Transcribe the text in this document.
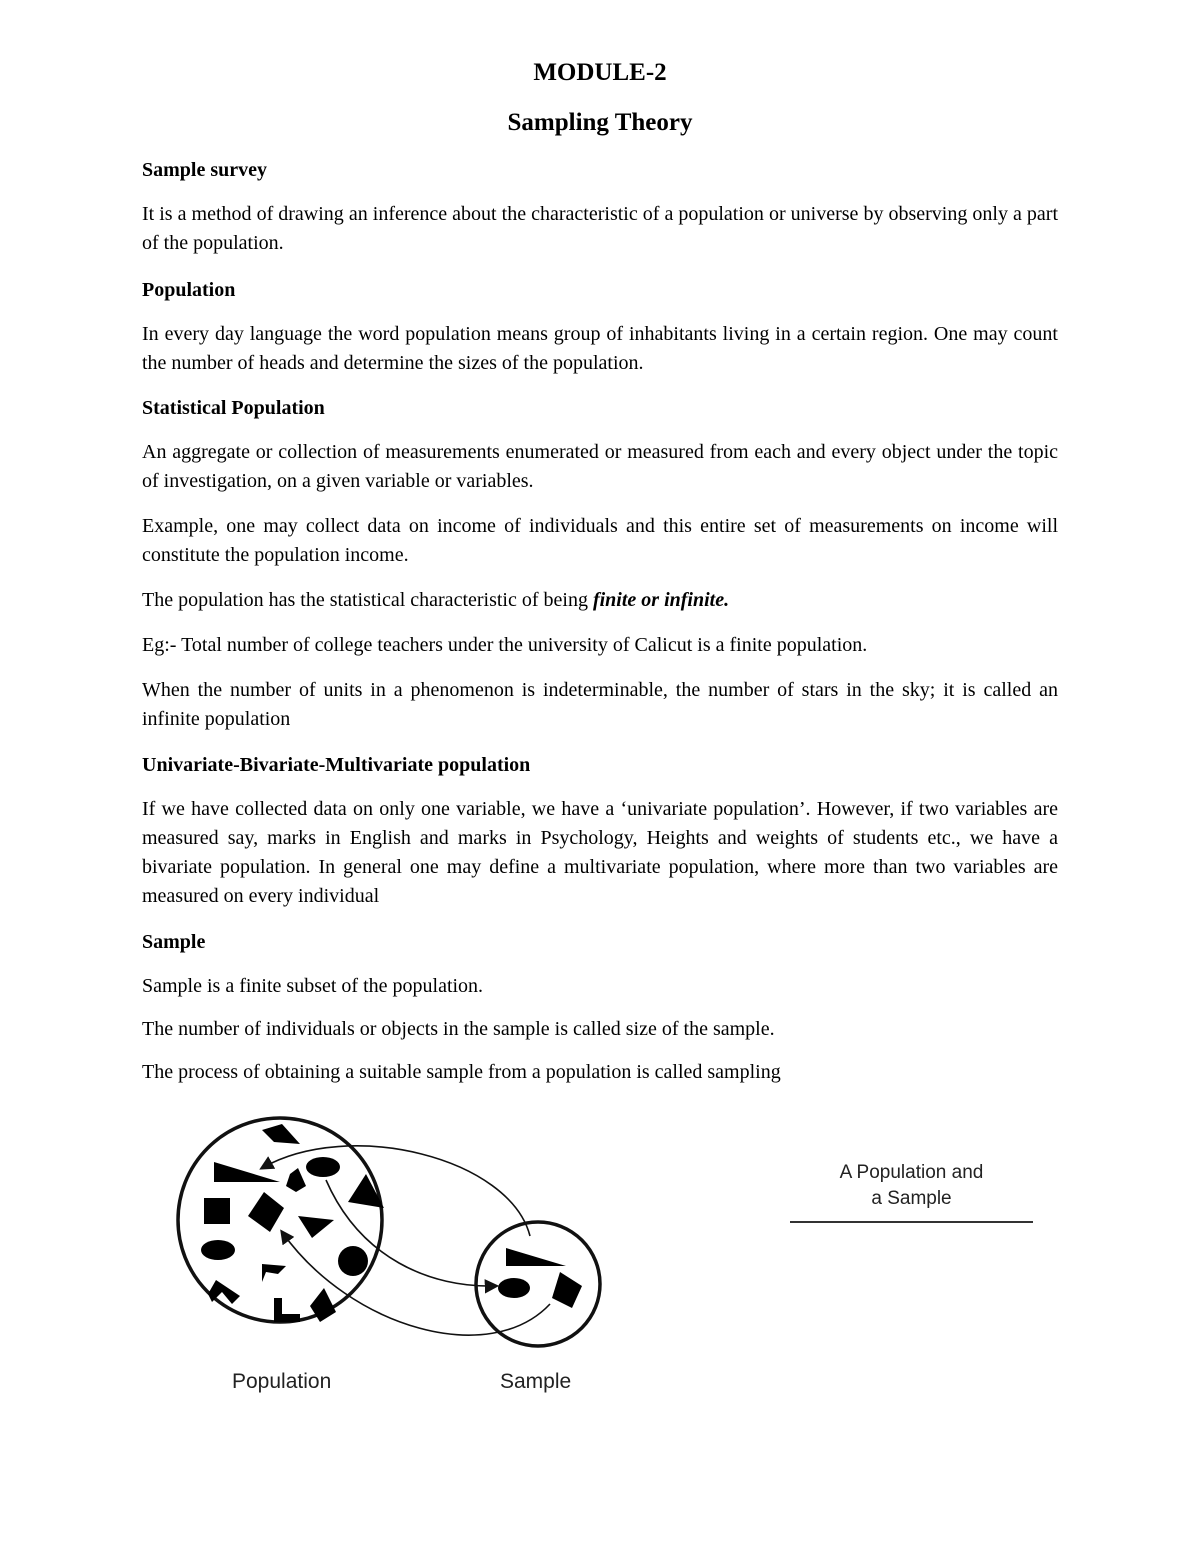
MODULE-2
Sampling Theory
Sample survey

It is a method of drawing an inference about the characteristic of a population or universe by observing only a part of the population.

Population

In every day language the word population means group of inhabitants living in a certain region. One may count the number of heads and determine the sizes of the population.

Statistical Population

An aggregate or collection of measurements enumerated or measured from each and every object under the topic of investigation, on a given variable or variables.

Example, one may collect data on income of individuals and this entire set of measurements on income will constitute the population income.

The population has the statistical characteristic of being finite or infinite.

Eg:- Total number of college teachers under the university of Calicut is a finite population.

When the number of units in a phenomenon is indeterminable, the number of stars in the sky; it is called an infinite population

Univariate-Bivariate-Multivariate population

If we have collected data on only one variable, we have a ‘univariate population’. However, if two variables are measured say, marks in English and marks in Psychology, Heights and weights of students etc., we have a bivariate population. In general one may define a multivariate population, where more than two variables are measured on every individual

Sample

Sample is a finite subset of the population.

The number of individuals or objects in the sample is called size of the sample.

The process of obtaining a suitable sample from a population is called sampling

Population	Sample
A Population and
a Sample
